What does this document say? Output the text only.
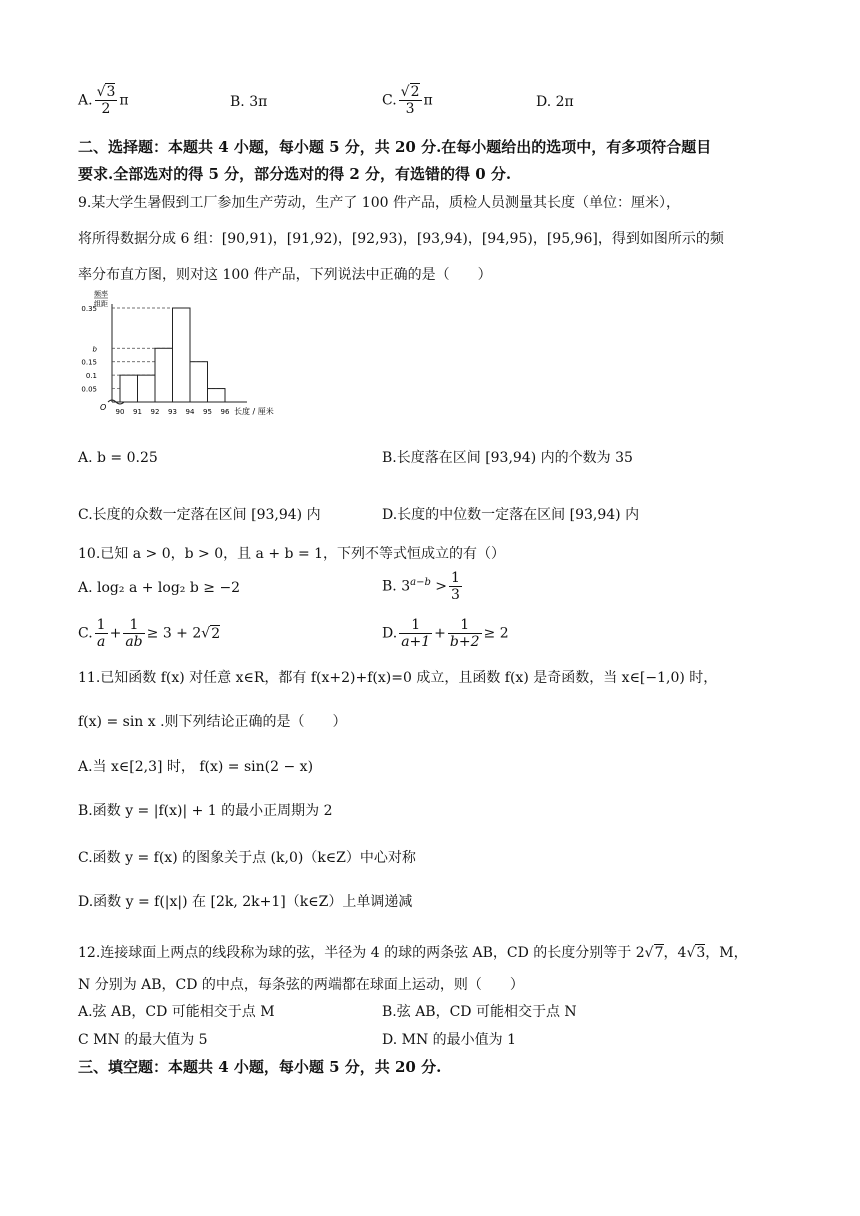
A. $\frac{√3}{2}$ π	B. 3π	C. $\frac{√2}{3}$ π	D. 2π
二、选择题：本题共 4 小题，每小题 5 分，共 20 分.在每小题给出的选项中，有多项符合题目
要求.全部选对的得 5 分，部分选对的得 2 分，有选错的得 0 分.
9.某大学生暑假到工厂参加生产劳动，生产了 100 件产品，质检人员测量其长度（单位：厘米），
将所得数据分成 6 组：[90,91)，[91,92)，[92,93)，[93,94)，[94,95)，[95,96]，得到如图所示的频
率分布直方图，则对这 100 件产品，下列说法中正确的是（　　）
频率
组距
O	长度 / 厘米
0.35
b
0.15
0.1
0.05
90 91 92 93 94 95 96
A. b = 0.25	B.长度落在区间 [93,94) 内的个数为 35
C.长度的众数一定落在区间 [93,94) 内	D.长度的中位数一定落在区间 [93,94) 内
10.已知 a > 0，b > 0，且 a + b = 1，下列不等式恒成立的有（）
A. log₂ a + log₂ b ≥ −2	B. $3^{a-b} > \frac{1}{3}$
C. $\frac{1}{a} + \frac{1}{ab} \ge 3 + 2√2$	D. $\frac{1}{a+1} + \frac{1}{b+2} \ge 2$
11.已知函数 f(x) 对任意 x∈R，都有 f(x+2)+f(x)=0 成立，且函数 f(x) 是奇函数，当 x∈[−1,0) 时，
f(x) = sin x .则下列结论正确的是（　　）
A.当 x∈[2,3] 时， f(x) = sin(2 − x)
B.函数 y = |f(x)| + 1 的最小正周期为 2
C.函数 y = f(x) 的图象关于点 (k,0)（k∈Z）中心对称
D.函数 y = f(|x|) 在 [2k, 2k+1]（k∈Z）上单调递减
12.连接球面上两点的线段称为球的弦，半径为 4 的球的两条弦 AB，CD 的长度分别等于 2√7，4√3，M，
N 分别为 AB，CD 的中点，每条弦的两端都在球面上运动，则（　　）
A.弦 AB，CD 可能相交于点 M	B.弦 AB，CD 可能相交于点 N
C MN 的最大值为 5	D. MN 的最小值为 1
三、填空题：本题共 4 小题，每小题 5 分，共 20 分.
